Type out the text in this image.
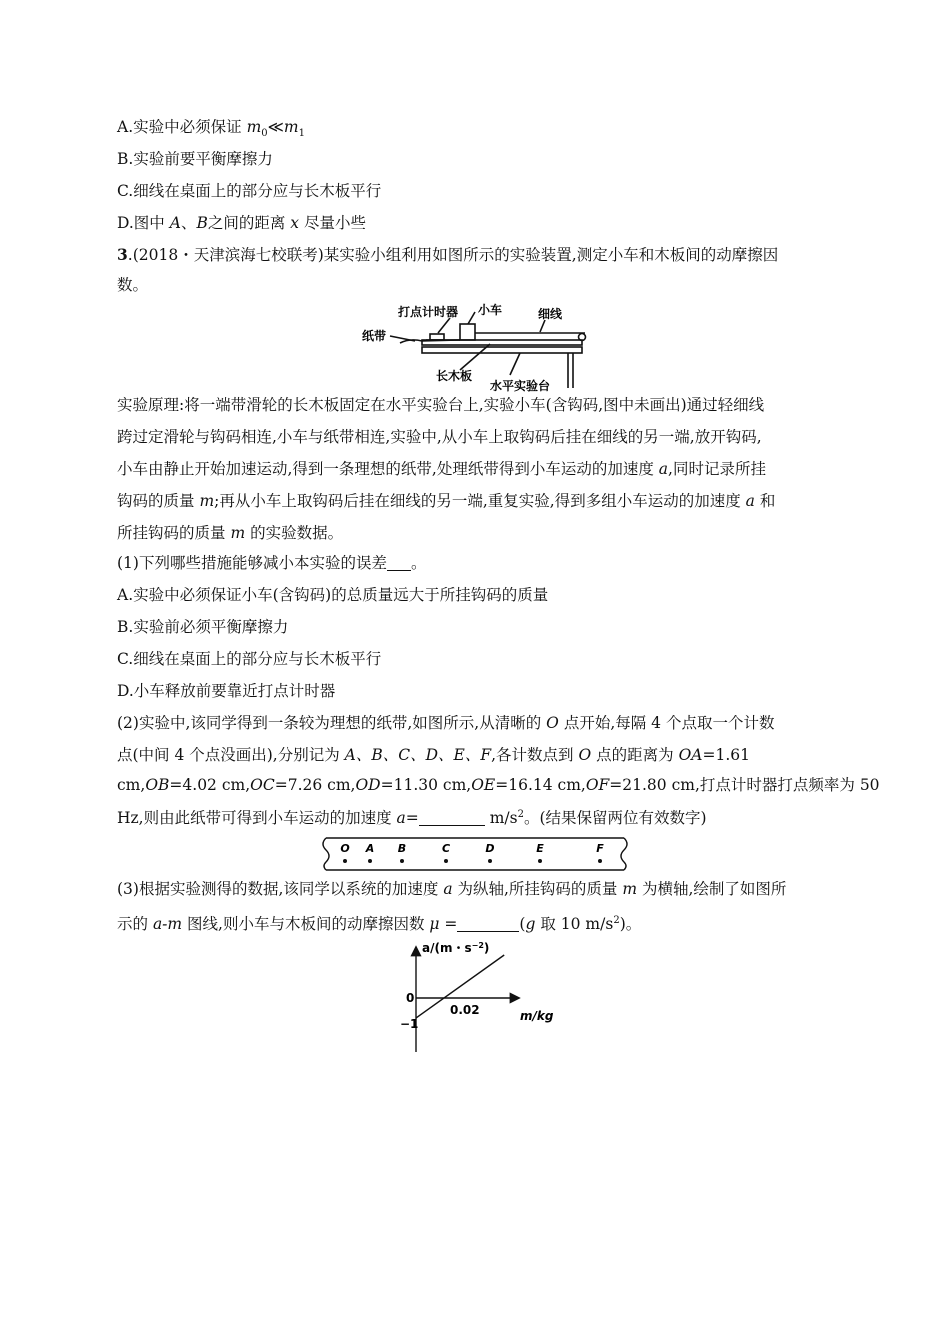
A.实验中必须保证 $m_0≪m_1$
B.实验前要平衡摩擦力
C.细线在桌面上的部分应与长木板平行
D.图中 A、B之间的距离 x 尽量小些
3.(2018・天津滨海七校联考)某实验小组利用如图所示的实验装置,测定小车和木板间的动摩擦因
数。
打点计时器 小车	细线
纸带
长木板
水平实验台
实验原理:将一端带滑轮的长木板固定在水平实验台上,实验小车(含钩码,图中未画出)通过轻细线
跨过定滑轮与钩码相连,小车与纸带相连,实验中,从小车上取钩码后挂在细线的另一端,放开钩码,
小车由静止开始加速运动,得到一条理想的纸带,处理纸带得到小车运动的加速度 a,同时记录所挂
钩码的质量 m;再从小车上取钩码后挂在细线的另一端,重复实验,得到多组小车运动的加速度 a 和
所挂钩码的质量 m 的实验数据。
(1)下列哪些措施能够减小本实验的误差 。
A.实验中必须保证小车(含钩码)的总质量远大于所挂钩码的质量
B.实验前必须平衡摩擦力
C.细线在桌面上的部分应与长木板平行
D.小车释放前要靠近打点计时器
(2)实验中,该同学得到一条较为理想的纸带,如图所示,从清晰的 O 点开始,每隔 4 个点取一个计数
点(中间 4 个点没画出),分别记为 A、B、C、D、E、F,各计数点到 O 点的距离为 OA=1.61
cm,OB=4.02 cm,OC=7.26 cm,OD=11.30 cm,OE=16.14 cm,OF=21.80 cm,打点计时器打点频率为 50
Hz,则由此纸带可得到小车运动的加速度 a=	$m/s^2$。(结果保留两位有效数字)
O A B	C	D	E	F
(3)根据实验测得的数据,该同学以系统的加速度 a 为纵轴,所挂钩码的质量 m 为横轴,绘制了如图所
示的 a-m 图线,则小车与木板间的动摩擦因数 μ =	(g 取 10 $m/s^2$)。
a/(m・$s^{-2}$)
m/kg
0
0.02
−1
